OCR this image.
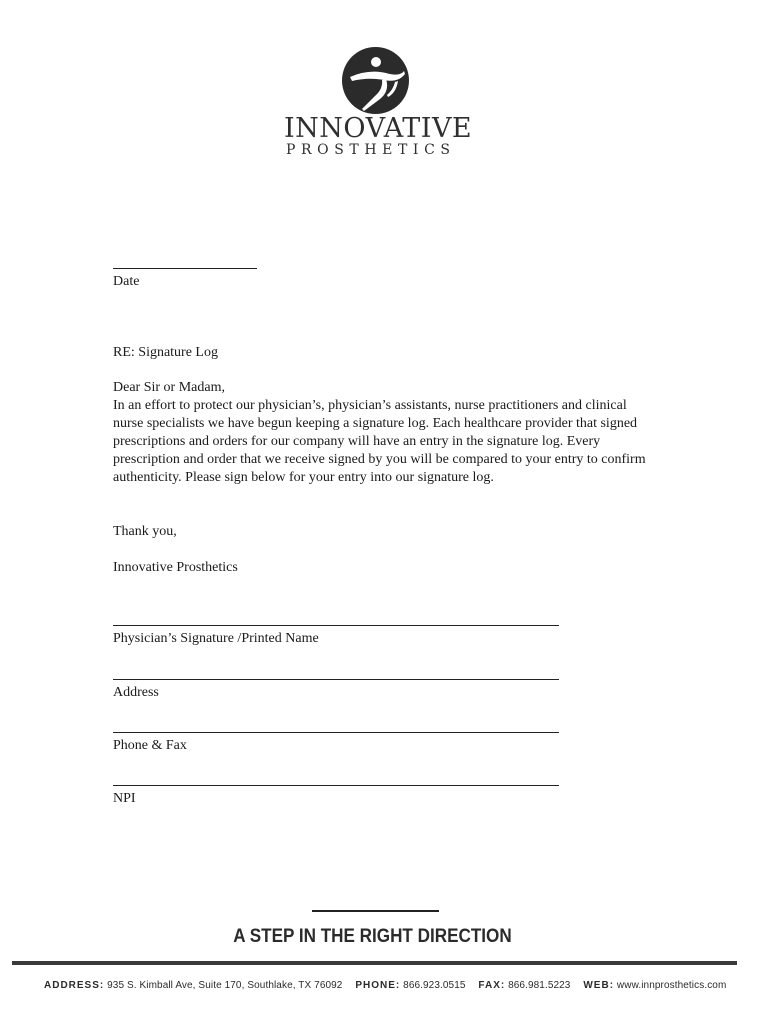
INNOVATIVE
PROSTHETICS
Date
RE: Signature Log

Dear Sir or Madam,

In an effort to protect our physician’s, physician’s assistants, nurse practitioners and clinical nurse specialists we have begun keeping a signature log. Each healthcare provider that signed prescriptions and orders for our company will have an entry in the signature log. Every prescription and order that we receive signed by you will be compared to your entry to confirm authenticity. Please sign below for your entry into our signature log.

Thank you,
Innovative Prosthetics
Physician’s Signature /Printed Name
Address
Phone & Fax
NPI
A STEP IN THE RIGHT DIRECTION
ADDRESS: 935 S. Kimball Ave, Suite 170, Southlake, TX 76092 PHONE: 866.923.0515 FAX: 866.981.5223 WEB: www.innprosthetics.com
